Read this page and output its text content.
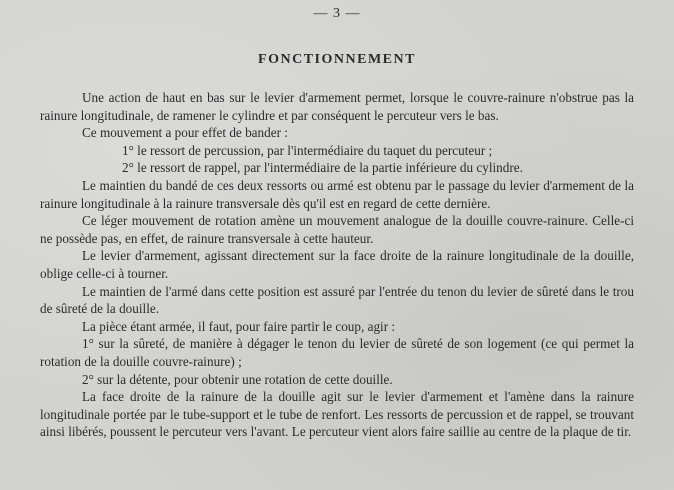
— 3 —
FONCTIONNEMENT

Une action de haut en bas sur le levier d'armement permet, lorsque le couvre-rainure n'obstrue pas la rainure longitudinale, de ramener le cylindre et par conséquent le percuteur vers le bas.

Ce mouvement a pour effet de bander :

1° le ressort de percussion, par l'intermédiaire du taquet du percuteur ;

2° le ressort de rappel, par l'intermédiaire de la partie inférieure du cylindre.

Le maintien du bandé de ces deux ressorts ou armé est obtenu par le passage du levier d'armement de la rainure longitudinale à la rainure transversale dès qu'il est en regard de cette dernière.

Ce léger mouvement de rotation amène un mouvement analogue de la douille couvre-rainure. Celle-ci ne possède pas, en effet, de rainure transversale à cette hauteur.

Le levier d'armement, agissant directement sur la face droite de la rainure longitudinale de la douille, oblige celle-ci à tourner.

Le maintien de l'armé dans cette position est assuré par l'entrée du tenon du levier de sûreté dans le trou de sûreté de la douille.

La pièce étant armée, il faut, pour faire partir le coup, agir :

1° sur la sûreté, de manière à dégager le tenon du levier de sûreté de son logement (ce qui permet la rotation de la douille couvre-rainure) ;

2° sur la détente, pour obtenir une rotation de cette douille.

La face droite de la rainure de la douille agit sur le levier d'armement et l'amène dans la rainure longitudinale portée par le tube-support et le tube de renfort. Les ressorts de percussion et de rappel, se trouvant ainsi libérés, poussent le percuteur vers l'avant. Le percuteur vient alors faire saillie au centre de la plaque de tir.
